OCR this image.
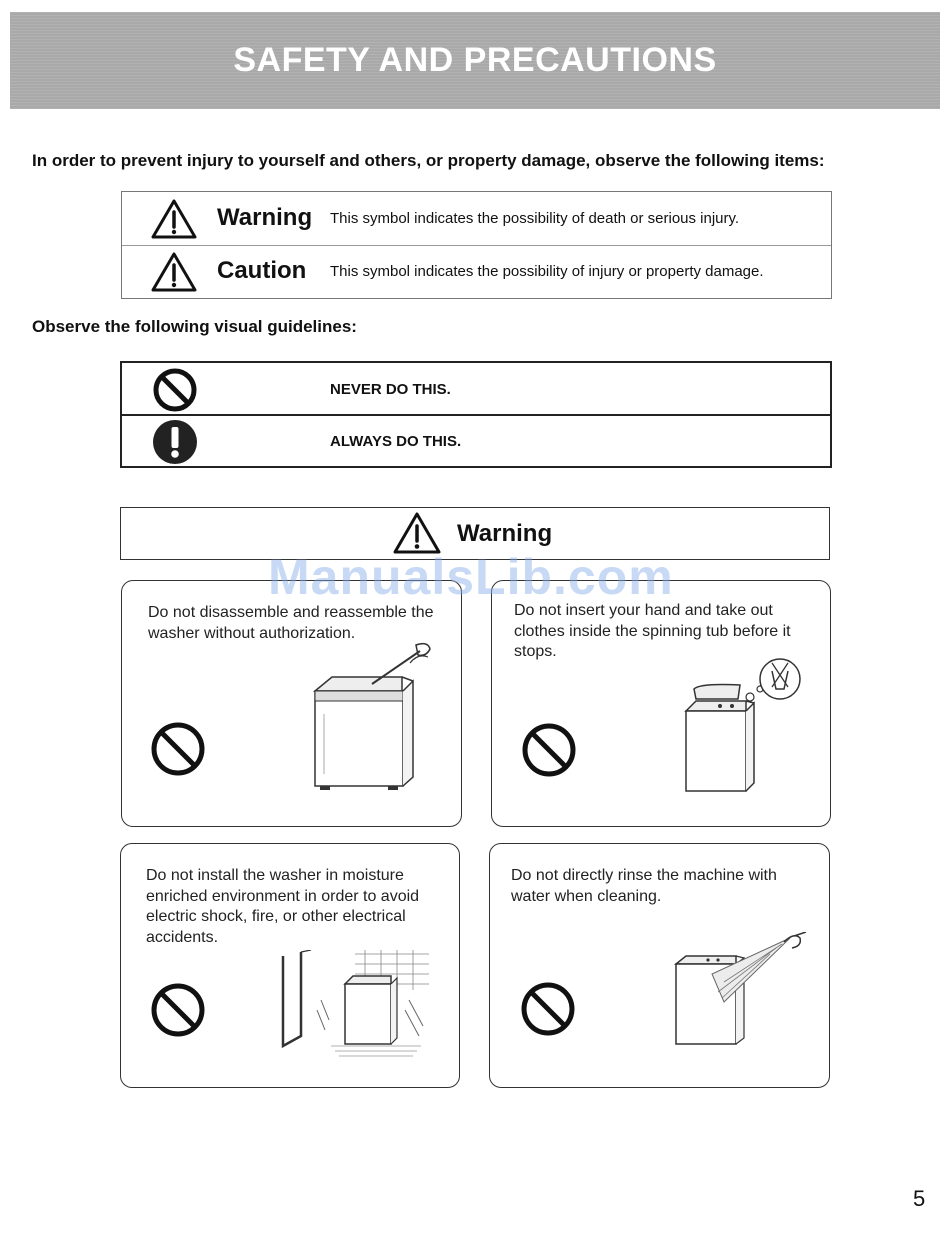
SAFETY AND PRECAUTIONS
In order to prevent injury to yourself and others, or property damage, observe the following items:
Warning This symbol indicates the possibility of death or serious injury.
Caution This symbol indicates the possibility of injury or property damage.
Observe the following visual guidelines:
NEVER DO THIS.
ALWAYS DO THIS.
Warning
Do not disassemble and reassemble the washer without authorization.
Do not insert your hand and take out clothes inside the spinning tub before it stops.
Do not install the washer in moisture enriched environment in order to avoid electric shock, fire, or other electrical accidents.
Do not directly rinse the machine with water when cleaning.
ManualsLib.com
5
